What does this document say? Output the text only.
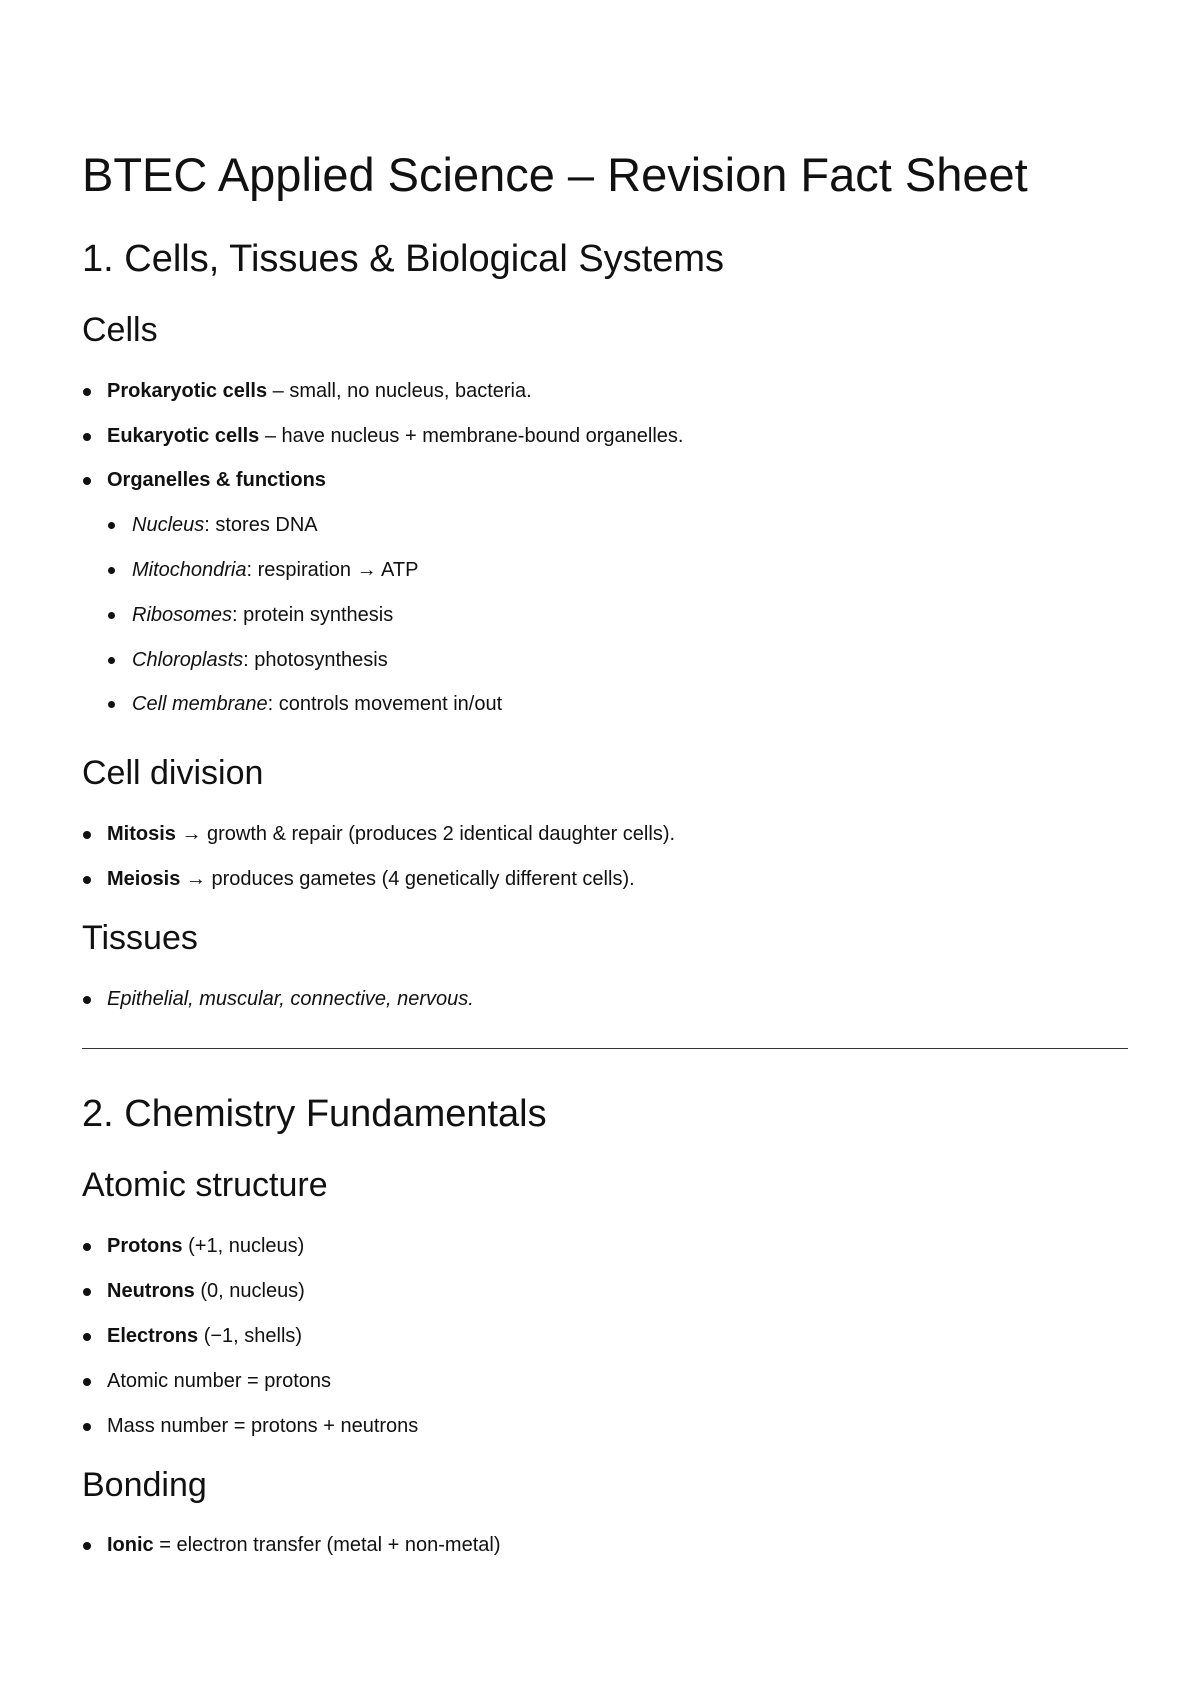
BTEC Applied Science – Revision Fact Sheet
1. Cells, Tissues & Biological Systems
Cells
Prokaryotic cells – small, no nucleus, bacteria.
Eukaryotic cells – have nucleus + membrane-bound organelles.
Organelles & functions
Nucleus: stores DNA
Mitochondria: respiration → ATP
Ribosomes: protein synthesis
Chloroplasts: photosynthesis
Cell membrane: controls movement in/out
Cell division
Mitosis → growth & repair (produces 2 identical daughter cells).
Meiosis → produces gametes (4 genetically different cells).
Tissues
Epithelial, muscular, connective, nervous.
2. Chemistry Fundamentals
Atomic structure
Protons (+1, nucleus)
Neutrons (0, nucleus)
Electrons (−1, shells)
Atomic number = protons
Mass number = protons + neutrons
Bonding
Ionic = electron transfer (metal + non-metal)
